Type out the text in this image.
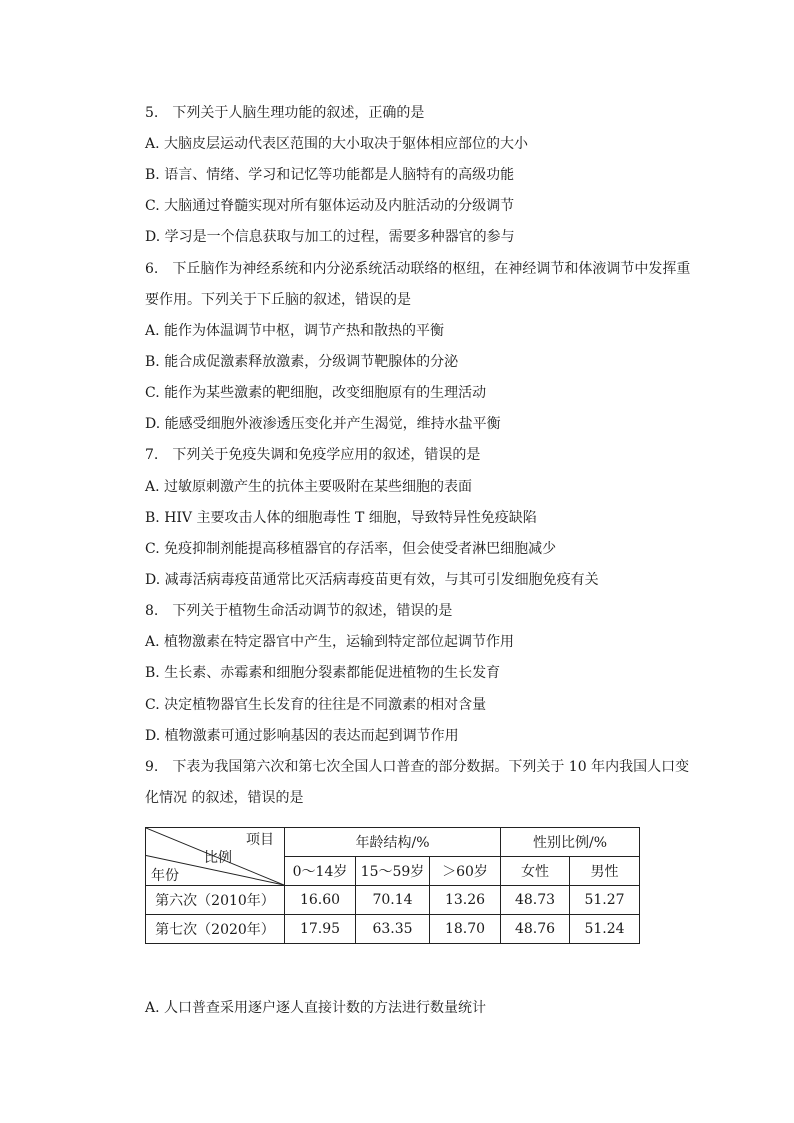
5.　下列关于人脑生理功能的叙述，正确的是
A. 大脑皮层运动代表区范围的大小取决于躯体相应部位的大小
B. 语言、情绪、学习和记忆等功能都是人脑特有的高级功能
C. 大脑通过脊髓实现对所有躯体运动及内脏活动的分级调节
D. 学习是一个信息获取与加工的过程，需要多种器官的参与
6.　下丘脑作为神经系统和内分泌系统活动联络的枢纽，在神经调节和体液调节中发挥重
要作用。下列关于下丘脑的叙述，错误的是
A. 能作为体温调节中枢，调节产热和散热的平衡
B. 能合成促激素释放激素，分级调节靶腺体的分泌
C. 能作为某些激素的靶细胞，改变细胞原有的生理活动
D. 能感受细胞外液渗透压变化并产生渴觉，维持水盐平衡
7.　下列关于免疫失调和免疫学应用的叙述，错误的是
A. 过敏原刺激产生的抗体主要吸附在某些细胞的表面
B. HIV 主要攻击人体的细胞毒性 T 细胞，导致特异性免疫缺陷
C. 免疫抑制剂能提高移植器官的存活率，但会使受者淋巴细胞减少
D. 减毒活病毒疫苗通常比灭活病毒疫苗更有效，与其可引发细胞免疫有关
8.　下列关于植物生命活动调节的叙述，错误的是
A. 植物激素在特定器官中产生，运输到特定部位起调节作用
B. 生长素、赤霉素和细胞分裂素都能促进植物的生长发育
C. 决定植物器官生长发育的往往是不同激素的相对含量
D. 植物激素可通过影响基因的表达而起到调节作用
9.　下表为我国第六次和第七次全国人口普查的部分数据。下列关于 10 年内我国人口变
化情况 的叙述，错误的是
项目
比例
年份	年龄结构/%			性别比例/%	
	0～14岁	15～59岁	＞60岁	女性	男性
第六次（2010年）	16.60	70.14	13.26	48.73	51.27
第七次（2020年）	17.95	63.35	18.70	48.76	51.24
A. 人口普查采用逐户逐人直接计数的方法进行数量统计
